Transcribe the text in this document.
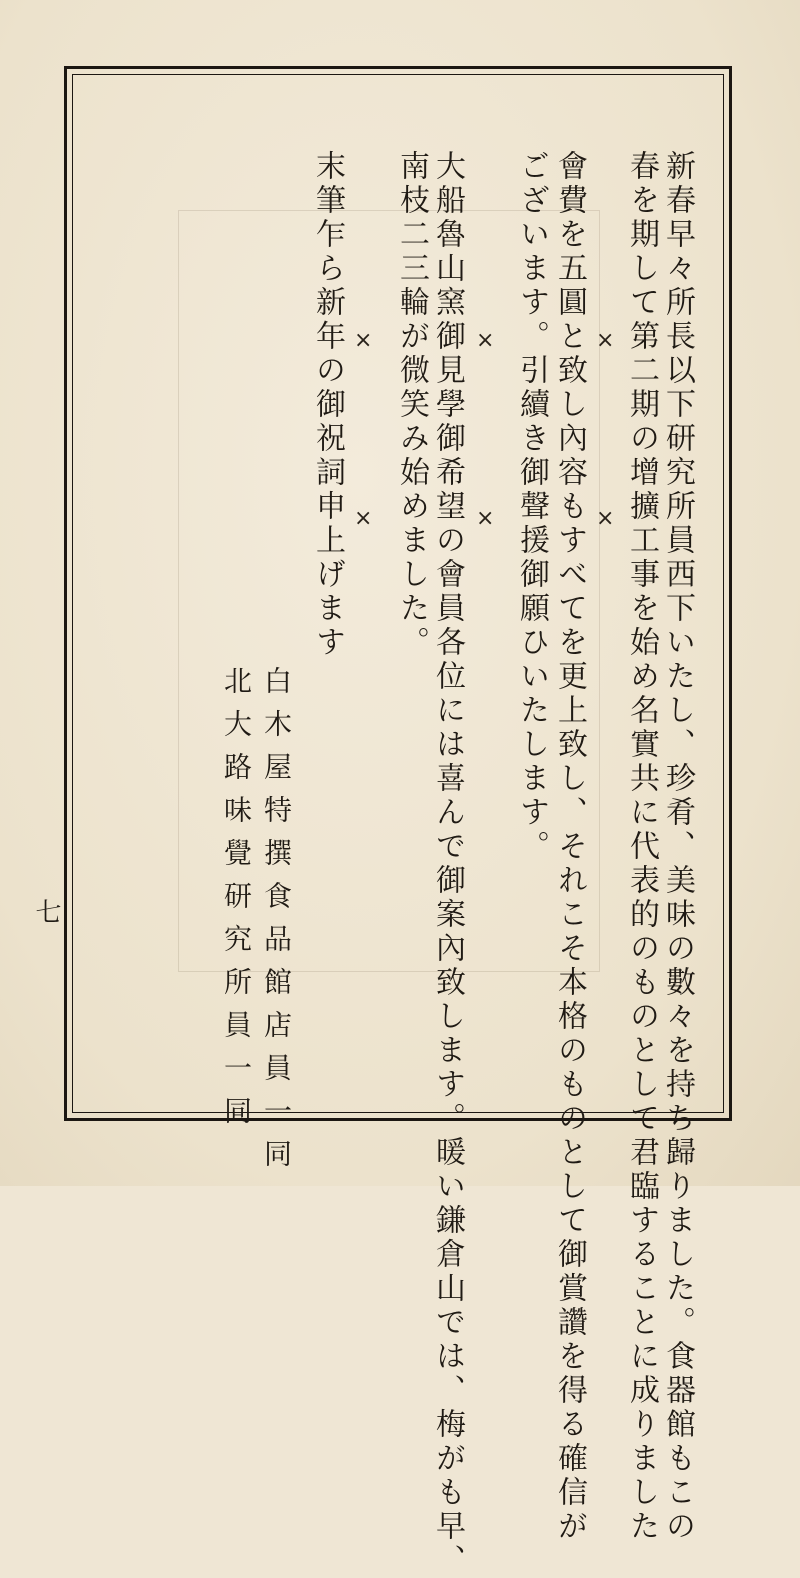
新春早々所長以下研究所員西下いたし、珍肴、美味の數々を持ち歸りました。食器館もこの
春を期して第二期の增擴工事を始め名實共に代表的のものとして君臨することに成りました
×
×
會費を五圓と致し內容もすべてを更上致し、それこそ本格のものとして御賞讚を得る確信が
ございます。引續き御聲援御願ひいたします。
×
×
大船魯山窯御見學御希望の會員各位には喜んで御案內致します。暖い鎌倉山では、梅がも早、
南枝二三輪が微笑み始めました。
×
×
末筆乍ら新年の御祝詞申上げます
白木屋特撰食品館店員一同
北大路味覺研究所員一同
七
